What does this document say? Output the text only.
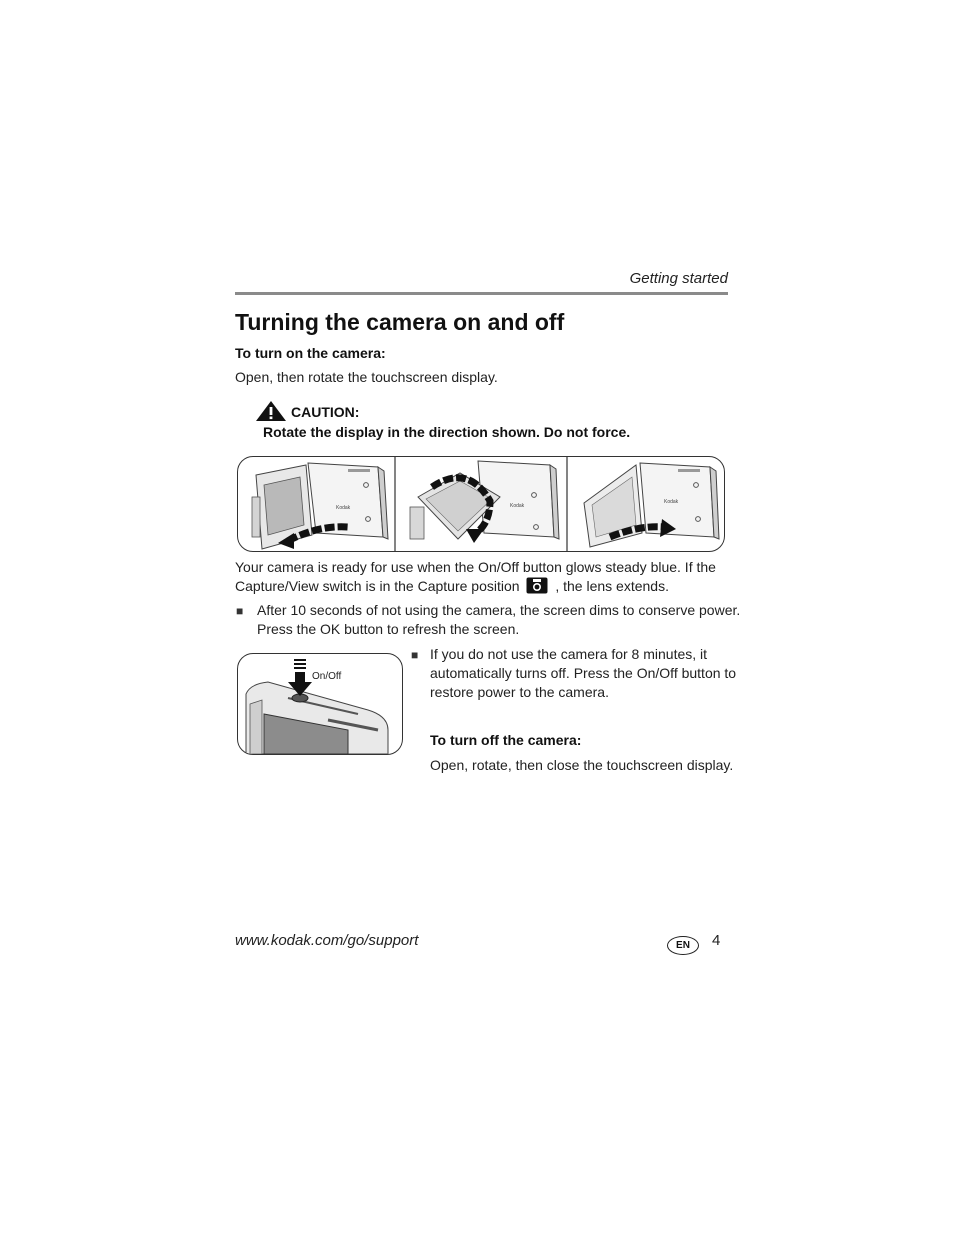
Getting started
Turning the camera on and off
To turn on the camera:
Open, then rotate the touchscreen display.
CAUTION:
Rotate the display in the direction shown. Do not force.
Kodak	Kodak
Kodak
Your camera is ready for use when the On/Off button glows steady blue. If the
Capture/View switch is in the Capture position	, the lens extends.
■ After 10 seconds of not using the camera, the screen dims to conserve power.
Press the OK button to refresh the screen.
On/Off
■ If you do not use the camera for 8 minutes, it
automatically turns off. Press the On/Off button to
restore power to the camera.
To turn off the camera:
Open, rotate, then close the touchscreen display.
www.kodak.com/go/support	EN	4
